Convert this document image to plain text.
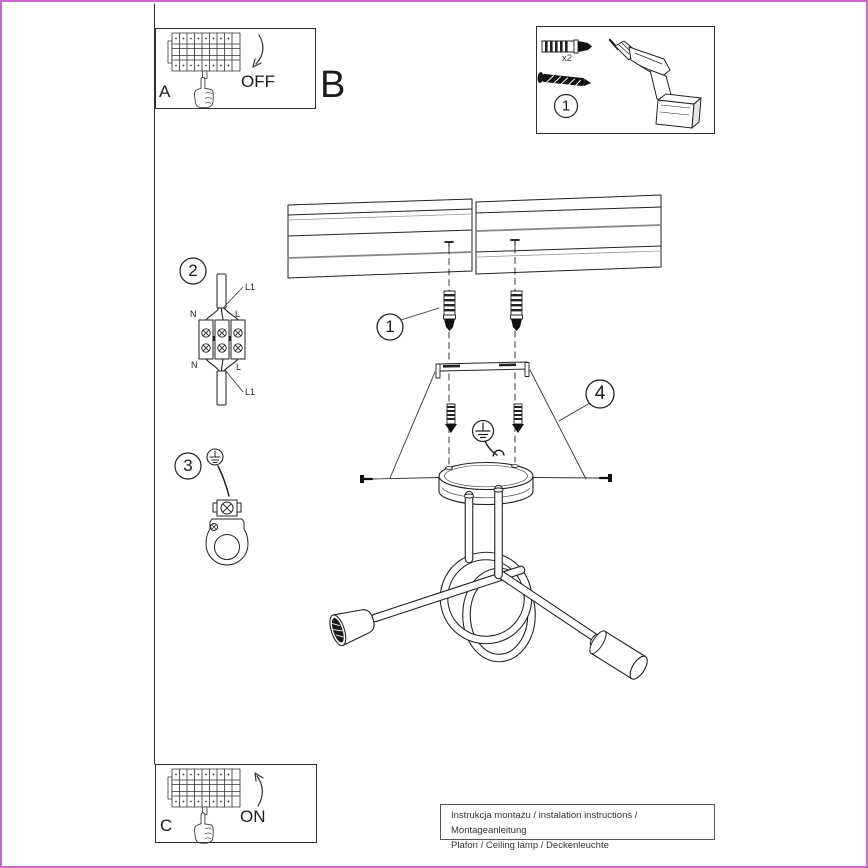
Instrukcja montażu / instalation instructions / Montageanleitung
Plafon / Ceiling lamp / Deckenleuchte
A
OFF B
x2
C	ON
1
1
2
3
4
L1
N	L
N	L
L1
